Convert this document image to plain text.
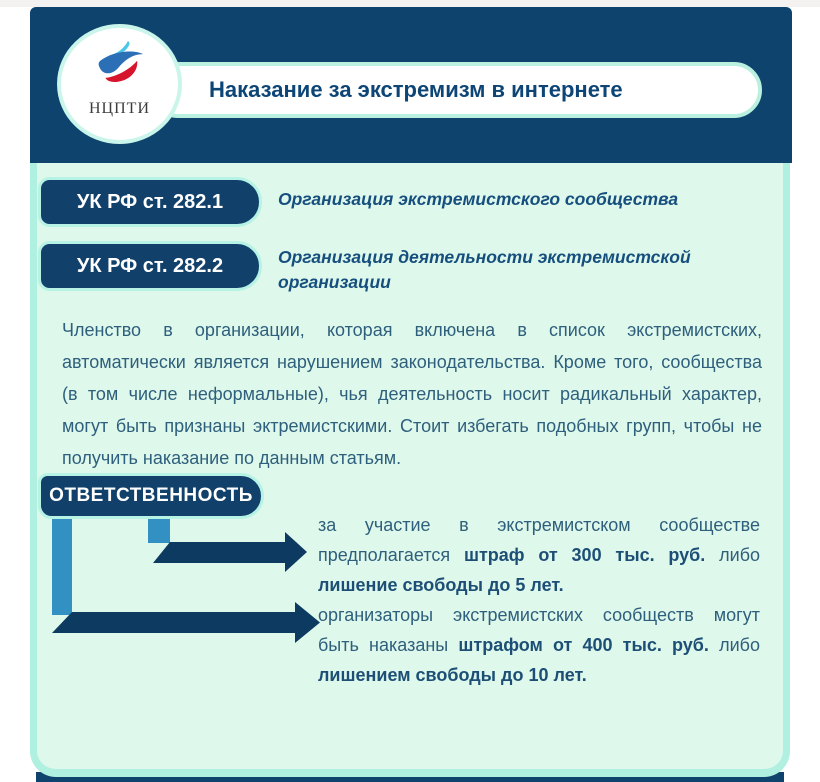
НЦПТИ
Наказание за экстремизм в интернете
УК РФ ст. 282.1	Организация экстремистского сообщества
УК РФ ст. 282.2	Организация деятельности экстремистской организации

Членство в организации, которая включена в список экстремистских, автоматически является нарушением законодательства. Кроме того, сообщества (в том числе неформальные), чья деятельность носит радикальный характер, могут быть признаны эктремистскими. Стоит избегать подобных групп, чтобы не получить наказание по данным статьям.

ОТВЕТСТВЕННОСТЬ

за участие в экстремистском сообществе предполагается штраф от 300 тыс. руб. либо лишение свободы до 5 лет.

организаторы экстремистских сообществ могут быть наказаны штрафом от 400 тыс. руб. либо лишением свободы до 10 лет.
